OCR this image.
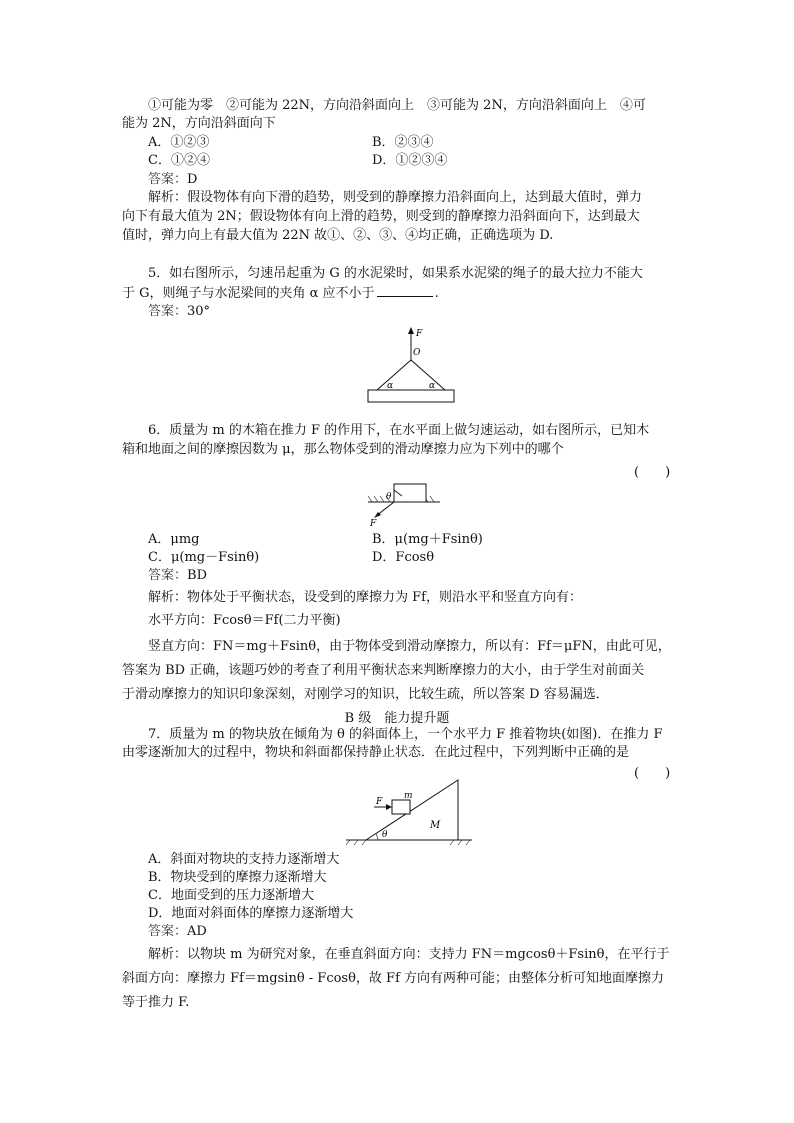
①可能为零　②可能为 22N，方向沿斜面向上　③可能为 2N，方向沿斜面向上　④可
能为 2N，方向沿斜面向下
A．①②③	B．②③④
C．①②④	D．①②③④
答案：D
解析：假设物体有向下滑的趋势，则受到的静摩擦力沿斜面向上，达到最大值时，弹力
向下有最大值为 2N；假设物体有向上滑的趋势，则受到的静摩擦力沿斜面向下，达到最大
值时，弹力向上有最大值为 22N 故①、②、③、④均正确，正确选项为 D.
5．如右图所示，匀速吊起重为 G 的水泥梁时，如果系水泥梁的绳子的最大拉力不能大
于 G，则绳子与水泥梁间的夹角 α 应不小于	.
答案：30°
F
O
α	α
6．质量为 m 的木箱在推力 F 的作用下，在水平面上做匀速运动，如右图所示，已知木
箱和地面之间的摩擦因数为 μ，那么物体受到的滑动摩擦力应为下列中的哪个
(　　)
θ
F
A．μmg	B．μ(mg＋Fsinθ)
C．μ(mg－Fsinθ)	D．Fcosθ
答案：BD
解析：物体处于平衡状态，设受到的摩擦力为 Ff，则沿水平和竖直方向有：
水平方向：Fcosθ＝Ff(二力平衡)
竖直方向：FN＝mg＋Fsinθ，由于物体受到滑动摩擦力，所以有：Ff＝μFN，由此可见，
答案为 BD 正确，该题巧妙的考查了利用平衡状态来判断摩擦力的大小，由于学生对前面关
于滑动摩擦力的知识印象深刻，对刚学习的知识，比较生疏，所以答案 D 容易漏选．
B 级　能力提升题
7．质量为 m 的物块放在倾角为 θ 的斜面体上，一个水平力 F 推着物块(如图)．在推力 F
由零逐渐加大的过程中，物块和斜面都保持静止状态．在此过程中，下列判断中正确的是
(　　)
F
m
M
θ
A．斜面对物块的支持力逐渐增大
B．物块受到的摩擦力逐渐增大
C．地面受到的压力逐渐增大
D．地面对斜面体的摩擦力逐渐增大
答案：AD
解析：以物块 m 为研究对象，在垂直斜面方向：支持力 FN＝mgcosθ＋Fsinθ，在平行于
斜面方向：摩擦力 Ff＝mgsinθ - Fcosθ，故 Ff 方向有两种可能；由整体分析可知地面摩擦力
等于推力 F.
